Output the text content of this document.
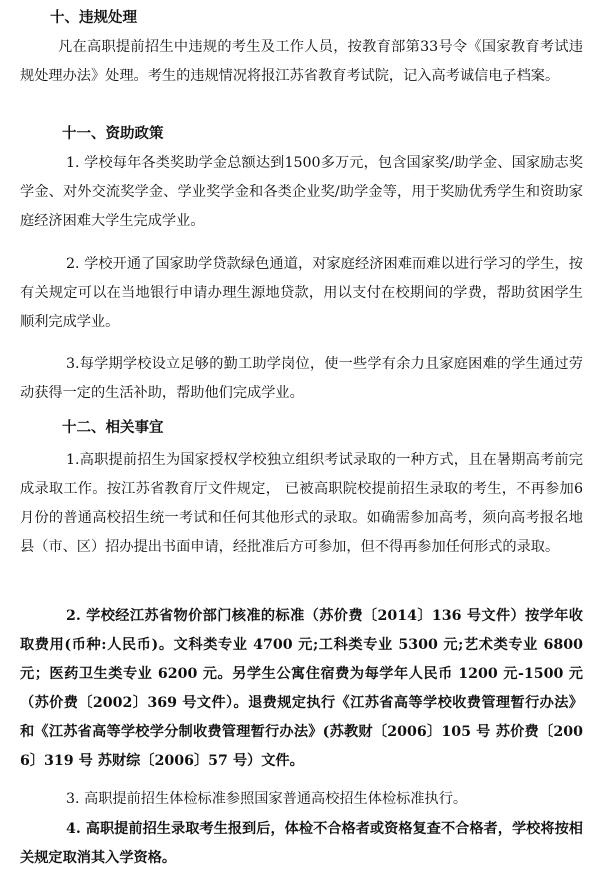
十、违规处理

凡在高职提前招生中违规的考生及工作人员，按教育部第33号令《国家教育考试违规处理办法》处理。考生的违规情况将报江苏省教育考试院，记入高考诚信电子档案。

十一、资助政策

1. 学校每年各类奖助学金总额达到1500多万元，包含国家奖/助学金、国家励志奖学金、对外交流奖学金、学业奖学金和各类企业奖/助学金等，用于奖励优秀学生和资助家庭经济困难大学生完成学业。

2. 学校开通了国家助学贷款绿色通道，对家庭经济困难而难以进行学习的学生，按有关规定可以在当地银行申请办理生源地贷款，用以支付在校期间的学费，帮助贫困学生顺利完成学业。

3.每学期学校设立足够的勤工助学岗位，使一些学有余力且家庭困难的学生通过劳动获得一定的生活补助，帮助他们完成学业。

十二、相关事宜

1.高职提前招生为国家授权学校独立组织考试录取的一种方式，且在暑期高考前完成录取工作。按江苏省教育厅文件规定， 已被高职院校提前招生录取的考生，不再参加6月份的普通高校招生统一考试和任何其他形式的录取。如确需参加高考，须向高考报名地县（市、区）招办提出书面申请，经批准后方可参加，但不得再参加任何形式的录取。

2. 学校经江苏省物价部门核准的标准（苏价费〔2014〕136 号文件）按学年收取费用(币种:人民币)。文科类专业 4700 元;工科类专业 5300 元;艺术类专业 6800 元；医药卫生类专业 6200 元。另学生公寓住宿费为每学年人民币 1200 元-1500 元（苏价费〔2002〕369 号文件）。退费规定执行《江苏省高等学校收费管理暂行办法》和《江苏省高等学校学分制收费管理暂行办法》(苏教财〔2006〕105 号 苏价费〔2006〕319 号 苏财综〔2006〕57 号）文件。

3. 高职提前招生体检标准参照国家普通高校招生体检标准执行。

4. 高职提前招生录取考生报到后，体检不合格者或资格复查不合格者，学校将按相关规定取消其入学资格。
